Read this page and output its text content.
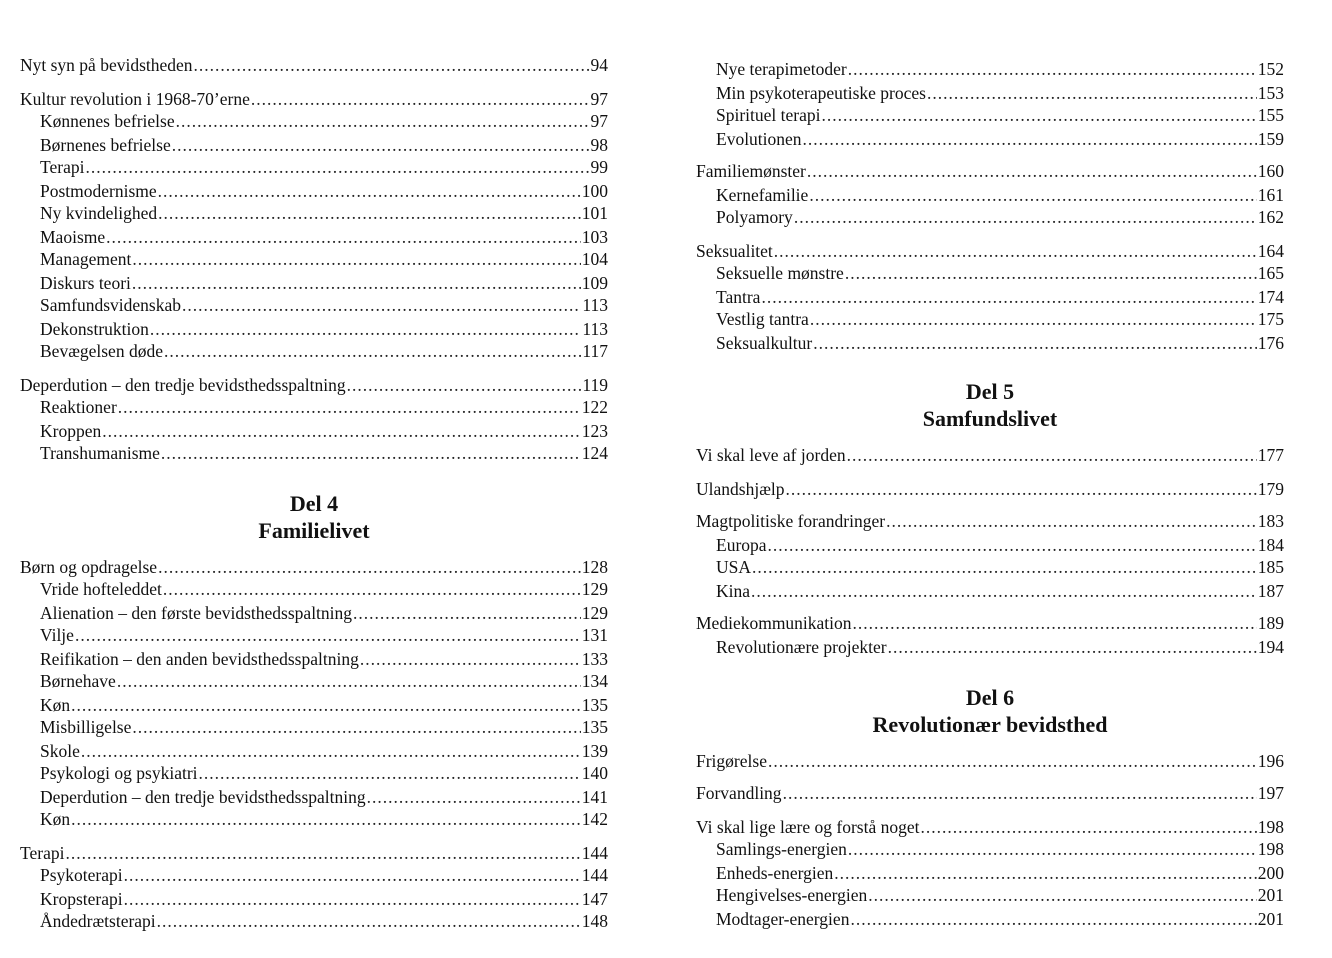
Nyt syn på bevidstheden .....	94
Kultur revolution i 1968-70’erne .....	97
Kønnenes befrielse .....	97
Børnenes befrielse .....	98
Terapi .....	99
Postmodernisme .....	100
Ny kvindelighed .....	101
Maoisme .....	103
Management .....	104
Diskurs teori .....	109
Samfundsvidenskab .....	113
Dekonstruktion .....	113
Bevægelsen døde .....	117
Deperdution – den tredje bevidsthedsspaltning .....	119
Reaktioner .....	122
Kroppen .....	123
Transhumanisme .....	124
Børn og opdragelse .....	128
Vride hofteleddet .....	129
Alienation – den første bevidsthedsspaltning .....	129
Vilje .....	131
Reifikation – den anden bevidsthedsspaltning .....	133
Børnehave .....	134
Køn .....	135
Misbilligelse .....	135
Skole .....	139
Psykologi og psykiatri .....	140
Deperdution – den tredje bevidsthedsspaltning .....	141
Køn .....	142
Terapi .....	144
Psykoterapi .....	144
Kropsterapi .....	147
Åndedrætsterapi .....	148
Del 4
Familielivet
Nye terapimetoder .....	152
Min psykoterapeutiske proces .....	153
Spirituel terapi .....	155
Evolutionen .....	159
Familiemønster .....	160
Kernefamilie .....	161
Polyamory .....	162
Seksualitet .....	164
Seksuelle mønstre .....	165
Tantra .....	174
Vestlig tantra .....	175
Seksualkultur .....	176
Vi skal leve af jorden .....	177
Ulandshjælp .....	179
Magtpolitiske forandringer .....	183
Europa .....	184
USA .....	185
Kina .....	187
Mediekommunikation .....	189
Revolutionære projekter .....	194
Frigørelse .....	196
Forvandling .....	197
Vi skal lige lære og forstå noget .....	198
Samlings-energien .....	198
Enheds-energien .....	200
Hengivelses-energien .....	201
Modtager-energien .....	201
Del 5
Samfundslivet
Del 6
Revolutionær bevidsthed
